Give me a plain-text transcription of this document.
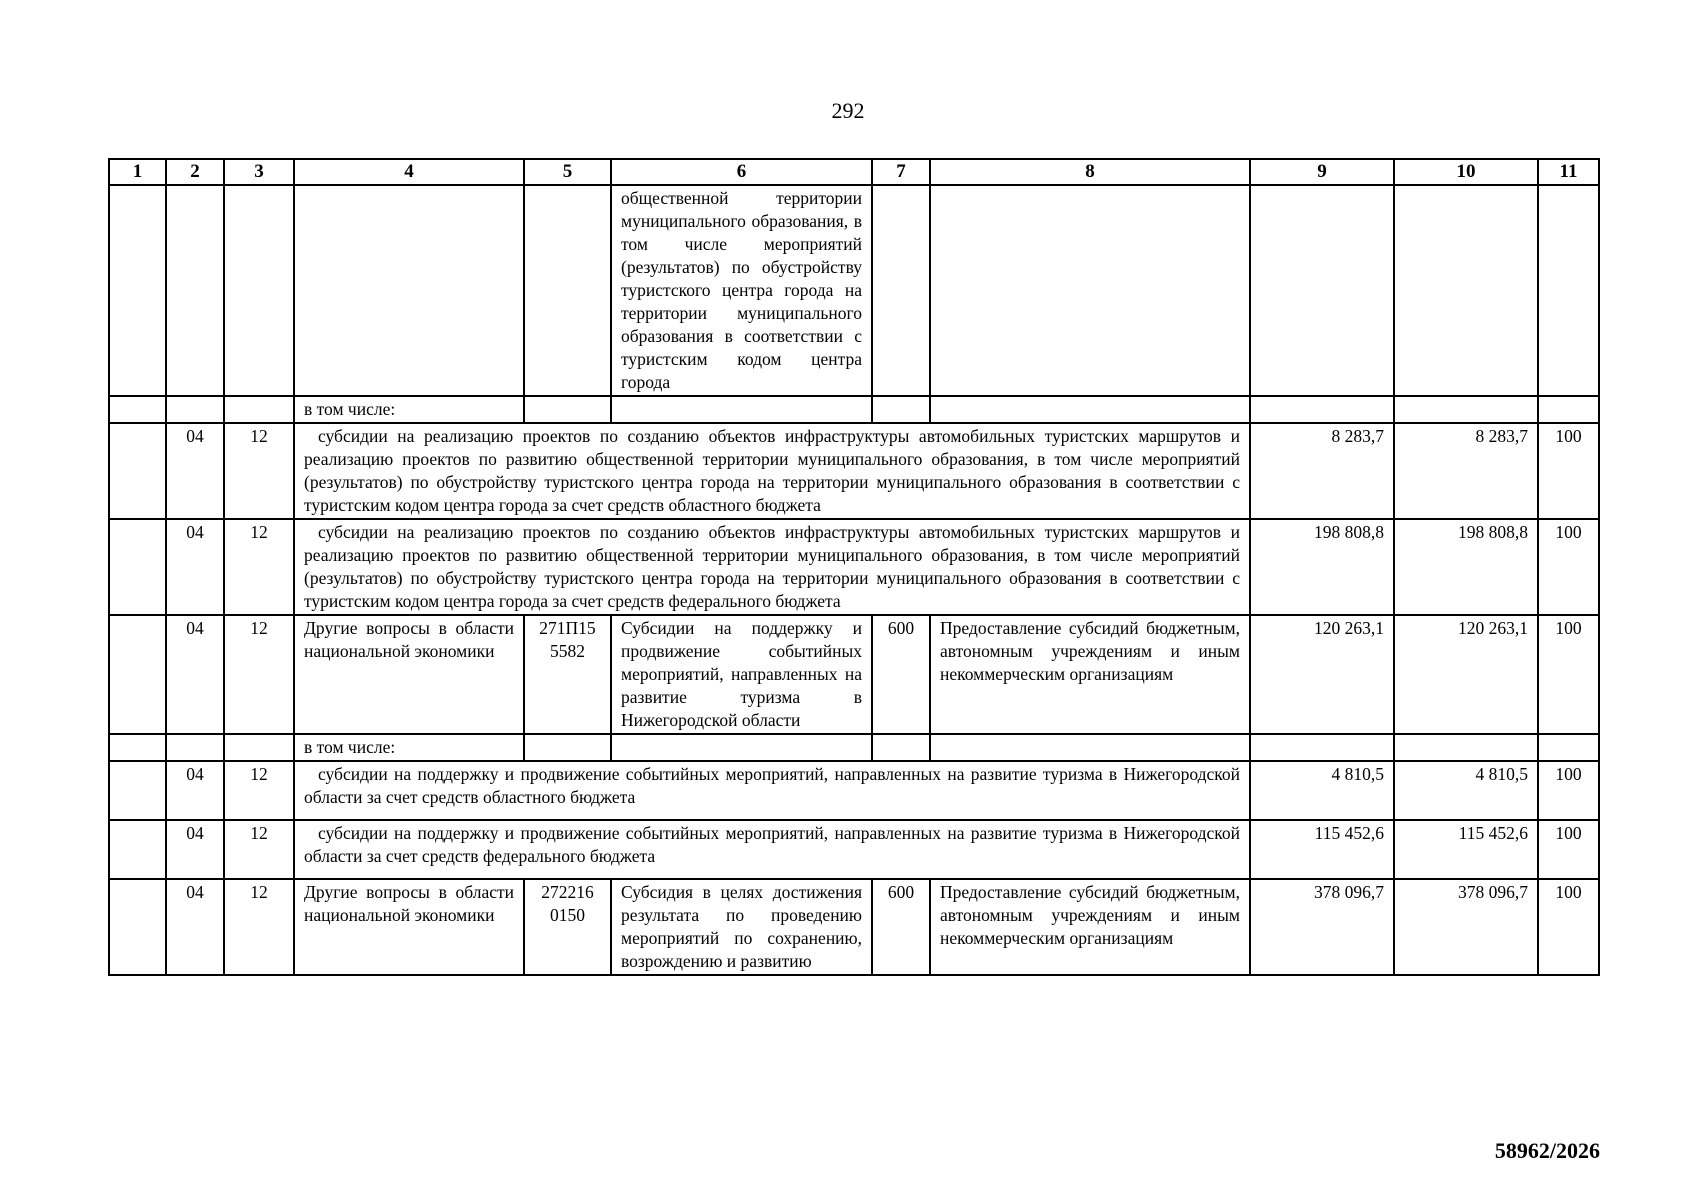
292
1	2	3	4	5	6	7	8	9	10	11
					общественной территории муниципального образования, в том числе мероприятий (результатов) по обустройству туристского центра города на территории муниципального образования в соответствии с туристским кодом центра города					
			в том числе:							
	04	12	субсидии на реализацию проектов по созданию объектов инфраструктуры автомобильных туристских маршрутов и реализацию проектов по развитию общественной территории муниципального образования, в том числе мероприятий (результатов) по обустройству туристского центра города на территории муниципального образования в соответствии с туристским кодом центра города за счет средств областного бюджета					8 283,7	8 283,7	100
	04	12	субсидии на реализацию проектов по созданию объектов инфраструктуры автомобильных туристских маршрутов и реализацию проектов по развитию общественной территории муниципального образования, в том числе мероприятий (результатов) по обустройству туристского центра города на территории муниципального образования в соответствии с туристским кодом центра города за счет средств федерального бюджета					198 808,8	198 808,8	100
	04	12	Другие вопросы в области национальной экономики	271П15 5582	Субсидии на поддержку и продвижение событийных мероприятий, направленных на развитие туризма в Нижегородской области	600	Предоставление субсидий бюджетным, автономным учреждениям и иным некоммерческим организациям	120 263,1	120 263,1	100
			в том числе:							
	04	12	субсидии на поддержку и продвижение событийных мероприятий, направленных на развитие туризма в Нижегородской области за счет средств областного бюджета					4 810,5	4 810,5	100
	04	12	субсидии на поддержку и продвижение событийных мероприятий, направленных на развитие туризма в Нижегородской области за счет средств федерального бюджета					115 452,6	115 452,6	100
	04	12	Другие вопросы в области национальной экономики	272216 0150	Субсидия в целях достижения результата по проведению мероприятий по сохранению, возрождению и развитию	600	Предоставление субсидий бюджетным, автономным учреждениям и иным некоммерческим организациям	378 096,7	378 096,7	100
58962/2026
